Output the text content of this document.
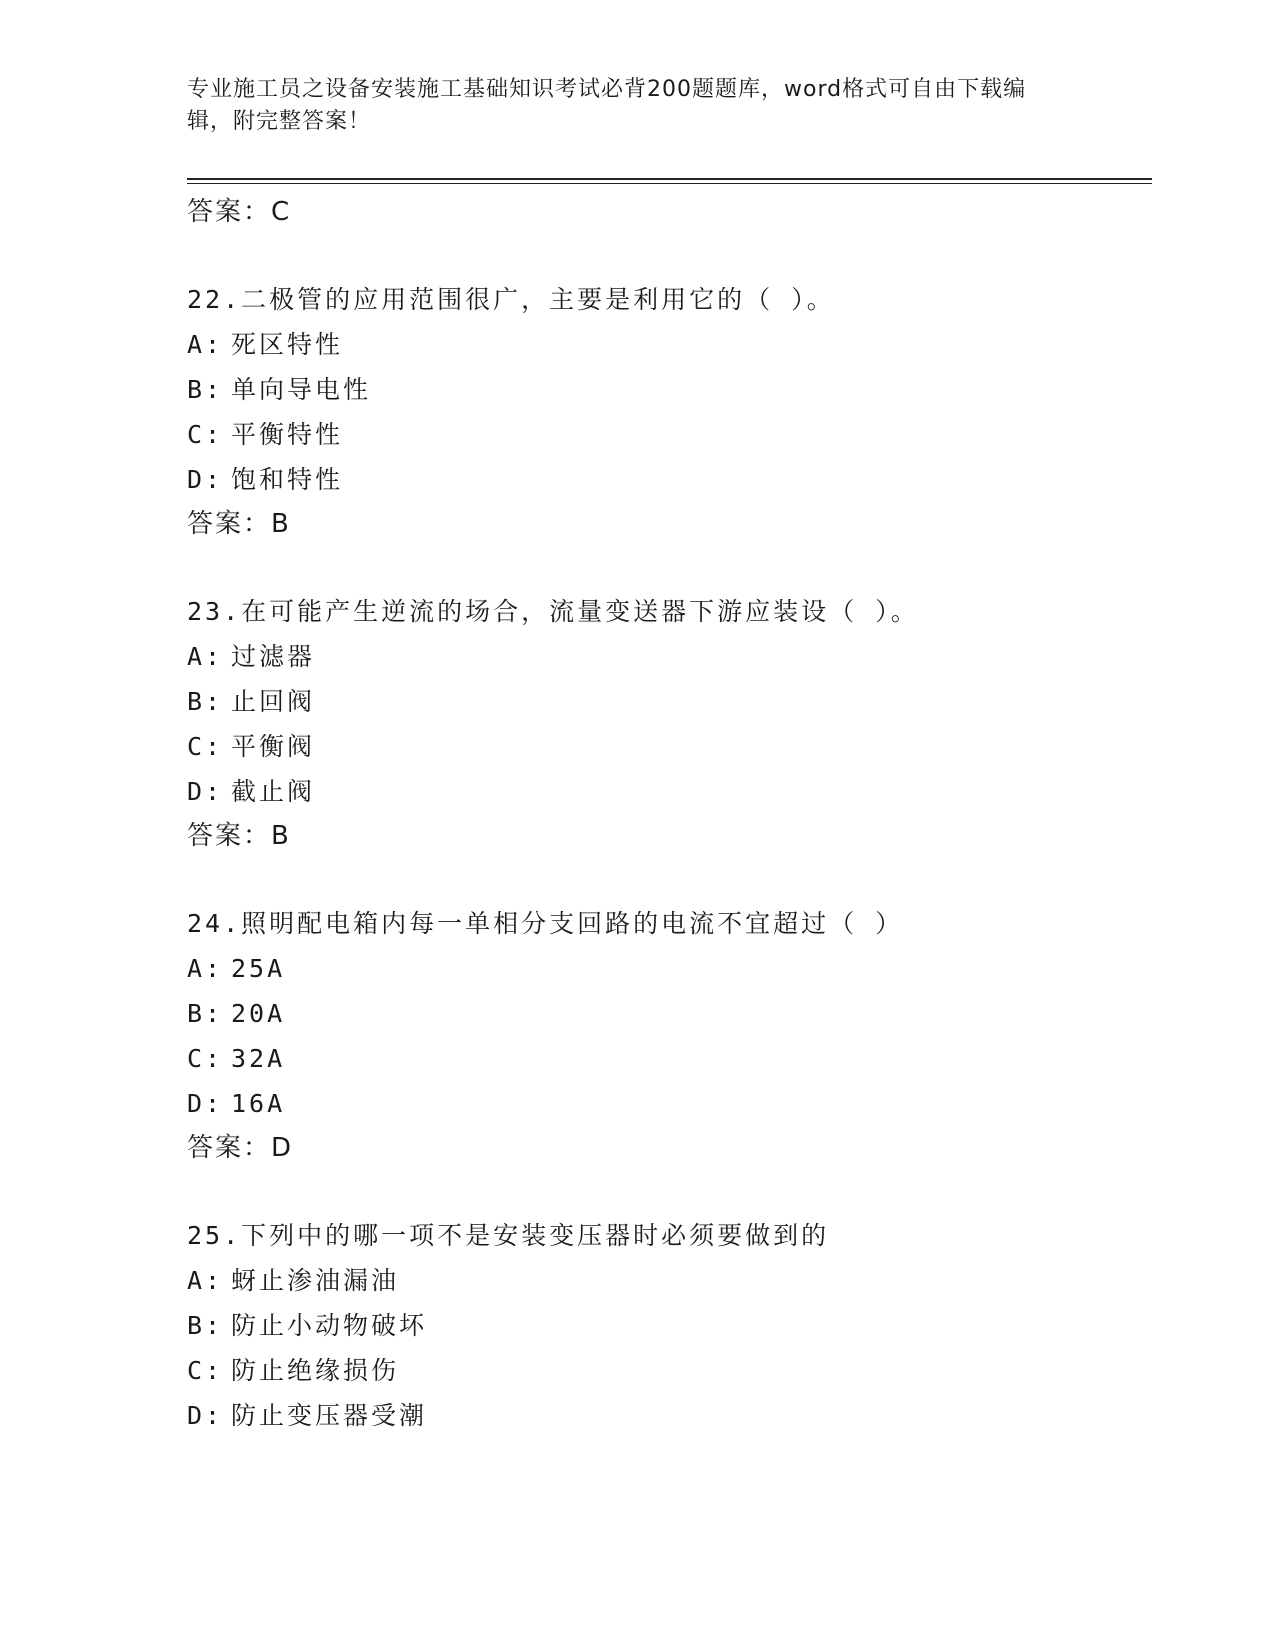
专业施工员之设备安装施工基础知识考试必背200题题库，word格式可自由下载编辑，附完整答案！
答案：C
22.二极管的应用范围很广，主要是利用它的（ ）。
A: 死区特性
B: 单向导电性
C: 平衡特性
D: 饱和特性
答案：B
23.在可能产生逆流的场合，流量变送器下游应装设（ ）。
A: 过滤器
B: 止回阀
C: 平衡阀
D: 截止阀
答案：B
24.照明配电箱内每一单相分支回路的电流不宜超过（ ）
A: 25A
B: 20A
C: 32A
D: 16A
答案：D
25.下列中的哪一项不是安装变压器时必须要做到的
A: 蚜止渗油漏油
B: 防止小动物破坏
C: 防止绝缘损伤
D: 防止变压器受潮
